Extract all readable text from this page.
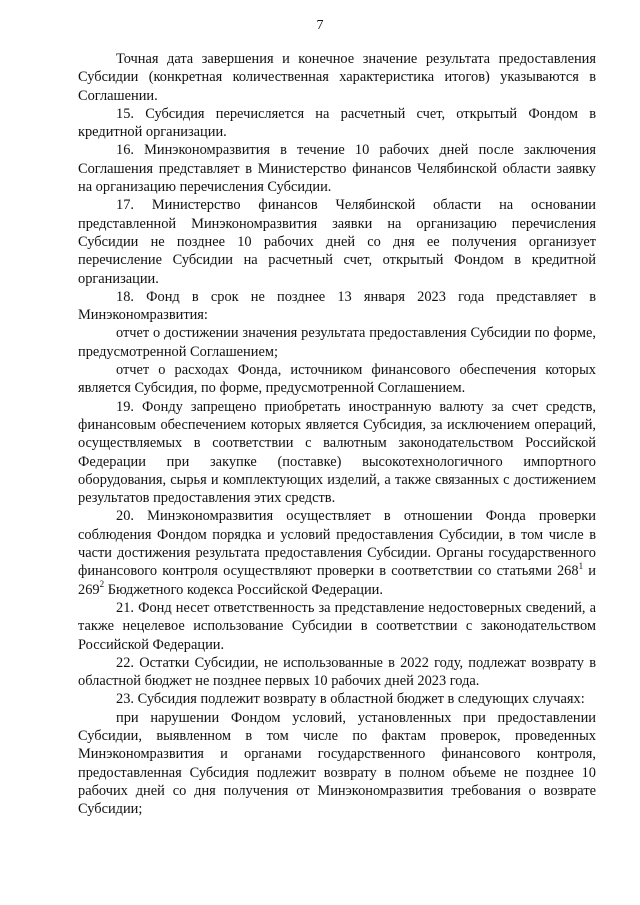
7

Точная дата завершения и конечное значение результата предоставления Субсидии (конкретная количественная характеристика итогов) указываются в Соглашении.

15. Субсидия перечисляется на расчетный счет, открытый Фондом в кредитной организации.

16. Минэкономразвития в течение 10 рабочих дней после заключения Соглашения представляет в Министерство финансов Челябинской области заявку на организацию перечисления Субсидии.

17. Министерство финансов Челябинской области на основании представленной Минэкономразвития заявки на организацию перечисления Субсидии не позднее 10 рабочих дней со дня ее получения организует перечисление Субсидии на расчетный счет, открытый Фондом в кредитной организации.

18. Фонд в срок не позднее 13 января 2023 года представляет в Минэкономразвития:

отчет о достижении значения результата предоставления Субсидии по форме, предусмотренной Соглашением;

отчет о расходах Фонда, источником финансового обеспечения которых является Субсидия, по форме, предусмотренной Соглашением.

19. Фонду запрещено приобретать иностранную валюту за счет средств, финансовым обеспечением которых является Субсидия, за исключением операций, осуществляемых в соответствии с валютным законодательством Российской Федерации при закупке (поставке) высокотехнологичного импортного оборудования, сырья и комплектующих изделий, а также связанных с достижением результатов предоставления этих средств.

20. Минэкономразвития осуществляет в отношении Фонда проверки соблюдения Фондом порядка и условий предоставления Субсидии, в том числе в части достижения результата предоставления Субсидии. Органы государственного финансового контроля осуществляют проверки в соответствии со статьями $268^1$ и $269^2$ Бюджетного кодекса Российской Федерации.

21. Фонд несет ответственность за представление недостоверных сведений, а также нецелевое использование Субсидии в соответствии с законодательством Российской Федерации.

22. Остатки Субсидии, не использованные в 2022 году, подлежат возврату в областной бюджет не позднее первых 10 рабочих дней 2023 года.

23. Субсидия подлежит возврату в областной бюджет в следующих случаях:

при нарушении Фондом условий, установленных при предоставлении Субсидии, выявленном в том числе по фактам проверок, проведенных Минэкономразвития и органами государственного финансового контроля, предоставленная Субсидия подлежит возврату в полном объеме не позднее 10 рабочих дней со дня получения от Минэкономразвития требования о возврате Субсидии;
